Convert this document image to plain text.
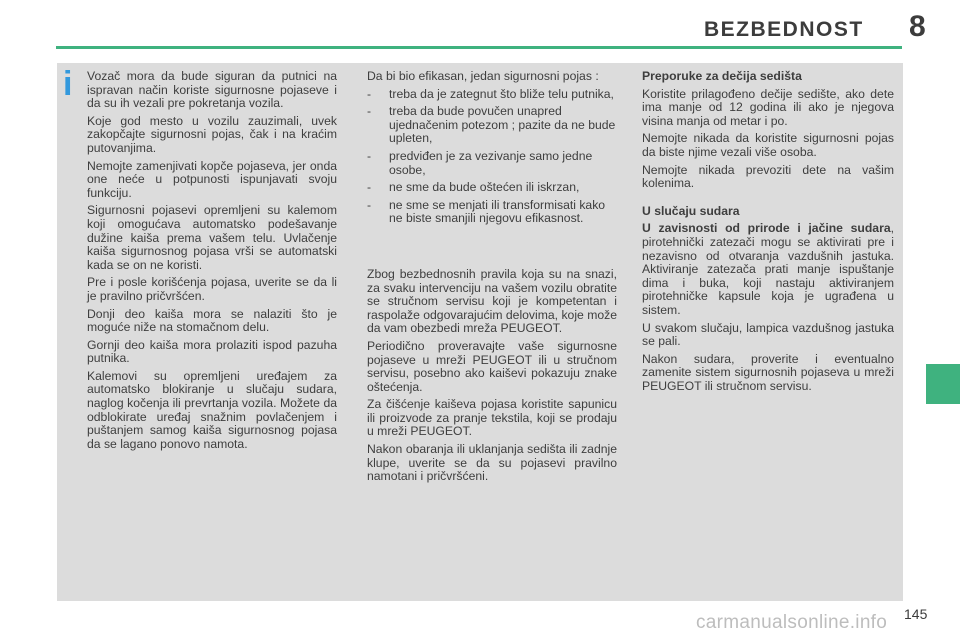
BEZBEDNOST 8
i Vozač mora da bude siguran da putnici na ispravan način koriste sigurnosne pojaseve i da su ih vezali pre pokretanja vozila.

Koje god mesto u vozilu zauzimali, uvek zakopčajte sigurnosni pojas, čak i na kraćim putovanjima.

Nemojte zamenjivati kopče pojaseva, jer onda one neće u potpunosti ispunjavati svoju funkciju.

Sigurnosni pojasevi opremljeni su kalemom koji omogućava automatsko podešavanje dužine kaiša prema vašem telu. Uvlačenje kaiša sigurnosnog pojasa vrši se automatski kada se on ne koristi.

Pre i posle korišćenja pojasa, uverite se da li je pravilno pričvršćen.

Donji deo kaiša mora se nalaziti što je moguće niže na stomačnom delu.

Gornji deo kaiša mora prolaziti ispod pazuha putnika.

Kalemovi su opremljeni uređajem za automatsko blokiranje u slučaju sudara, naglog kočenja ili prevrtanja vozila. Možete da odblokirate uređaj snažnim povlačenjem i puštanjem samog kaiša sigurnosnog pojasa da se lagano ponovo namota.

Da bi bio efikasan, jedan sigurnosni pojas :

- treba da je zategnut što bliže telu putnika,
- treba da bude povučen unapred ujednačenim potezom ; pazite da ne bude upleten,
- predviđen je za vezivanje samo jedne osobe,
- ne sme da bude oštećen ili iskrzan,
- ne sme se menjati ili transformisati kako ne biste smanjili njegovu efikasnost.

Zbog bezbednosnih pravila koja su na snazi, za svaku intervenciju na vašem vozilu obratite se stručnom servisu koji je kompetentan i raspolaže odgovarajućim delovima, koje može da vam obezbedi mreža PEUGEOT.

Periodično proveravajte vaše sigurnosne pojaseve u mreži PEUGEOT ili u stručnom servisu, posebno ako kaiševi pokazuju znake oštećenja.

Za čišćenje kaiševa pojasa koristite sapunicu ili proizvode za pranje tekstila, koji se prodaju u mreži PEUGEOT.

Nakon obaranja ili uklanjanja sedišta ili zadnje klupe, uverite se da su pojasevi pravilno namotani i pričvršćeni.

Preporuke za dečija sedišta

Koristite prilagođeno dečije sedište, ako dete ima manje od 12 godina ili ako je njegova visina manja od metar i po.

Nemojte nikada da koristite sigurnosni pojas da biste njime vezali više osoba.

Nemojte nikada prevoziti dete na vašim kolenima.

U slučaju sudara

U zavisnosti od prirode i jačine sudara, pirotehnički zatezači mogu se aktivirati pre i nezavisno od otvaranja vazdušnih jastuka. Aktiviranje zatezača prati manje ispuštanje dima i buka, koji nastaju aktiviranjem pirotehničke kapsule koja je ugrađena u sistem.

U svakom slučaju, lampica vazdušnog jastuka se pali.

Nakon sudara, proverite i eventualno zamenite sistem sigurnosnih pojaseva u mreži PEUGEOT ili stručnom servisu.

145
carmanualsonline.info
